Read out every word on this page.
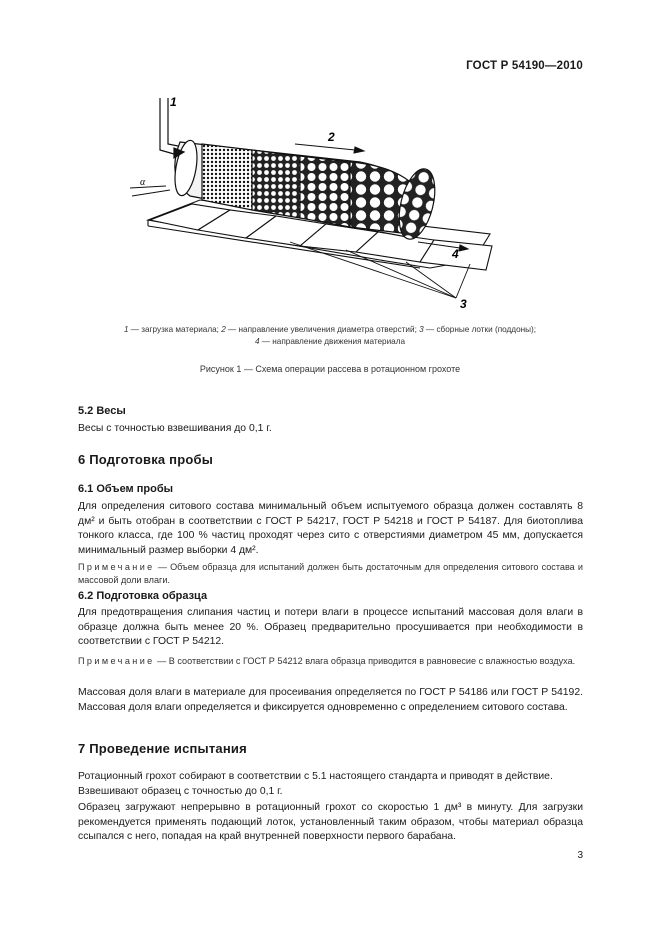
ГОСТ Р 54190—2010
1
2
α
4
3
1 — загрузка материала; 2 — направление увеличения диаметра отверстий; 3 — сборные лотки (поддоны);
4 — направление движения материала
Рисунок 1 — Схема операции рассева в ротационном грохоте
5.2 Весы
Весы с точностью взвешивания до 0,1 г.
6 Подготовка пробы
6.1 Объем пробы
Для определения ситового состава минимальный объем испытуемого образца должен составлять 8 дм² и быть отобран в соответствии с ГОСТ Р 54217, ГОСТ Р 54218 и ГОСТ Р 54187. Для биотоплива тонкого класса, где 100 % частиц проходят через сито с отверстиями диаметром 45 мм, допускается минимальный размер выборки 4 дм².
Примечание — Объем образца для испытаний должен быть достаточным для определения ситового состава и массовой доли влаги.
6.2 Подготовка образца
Для предотвращения слипания частиц и потери влаги в процессе испытаний массовая доля влаги в образце должна быть менее 20 %. Образец предварительно просушивается при необходимости в соответствии с ГОСТ Р 54212.
Примечание — В соответствии с ГОСТ Р 54212 влага образца приводится в равновесие с влажностью воздуха.
Массовая доля влаги в материале для просеивания определяется по ГОСТ Р 54186 или ГОСТ Р 54192. Массовая доля влаги определяется и фиксируется одновременно с определением ситового состава.
7 Проведение испытания
Ротационный грохот собирают в соответствии с 5.1 настоящего стандарта и приводят в действие.
Взвешивают образец с точностью до 0,1 г.
Образец загружают непрерывно в ротационный грохот со скоростью 1 дм³ в минуту. Для загрузки рекомендуется применять подающий лоток, установленный таким образом, чтобы материал образца ссыпался с него, попадая на край внутренней поверхности первого барабана.
3
